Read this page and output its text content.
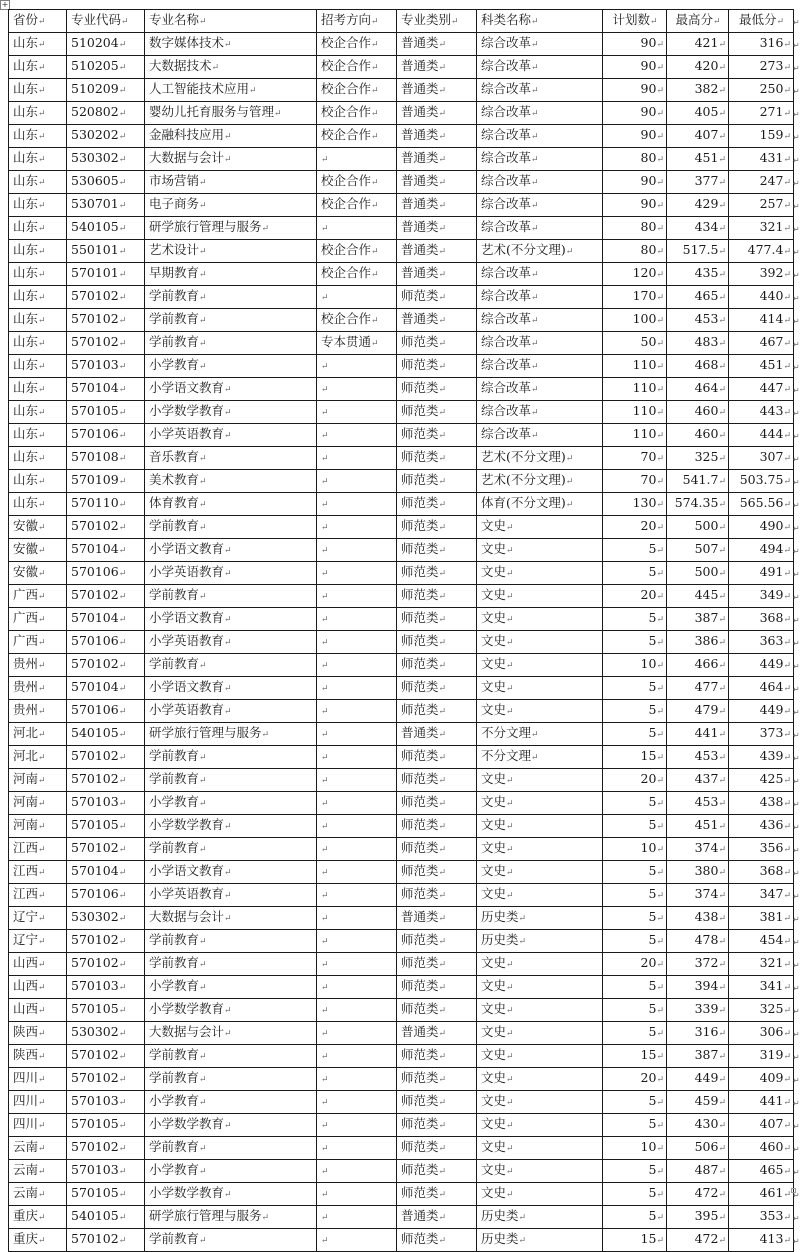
+
省份↵	专业代码↵	专业名称↵	招考方向↵	专业类别↵	科类名称↵	计划数↵	最高分↵	最低分↵
山东↵	510204↵	数字媒体技术↵	校企合作↵	普通类↵	综合改革↵	90↵	421↵	316↵
山东↵	510205↵	大数据技术↵	校企合作↵	普通类↵	综合改革↵	90↵	420↵	273↵
山东↵	510209↵	人工智能技术应用↵	校企合作↵	普通类↵	综合改革↵	90↵	382↵	250↵
山东↵	520802↵	婴幼儿托育服务与管理↵	校企合作↵	普通类↵	综合改革↵	90↵	405↵	271↵
山东↵	530202↵	金融科技应用↵	校企合作↵	普通类↵	综合改革↵	90↵	407↵	159↵
山东↵	530302↵	大数据与会计↵	↵	普通类↵	综合改革↵	80↵	451↵	431↵
山东↵	530605↵	市场营销↵	校企合作↵	普通类↵	综合改革↵	90↵	377↵	247↵
山东↵	530701↵	电子商务↵	校企合作↵	普通类↵	综合改革↵	90↵	429↵	257↵
山东↵	540105↵	研学旅行管理与服务↵	↵	普通类↵	综合改革↵	80↵	434↵	321↵
山东↵	550101↵	艺术设计↵	校企合作↵	普通类↵	艺术(不分文理)↵	80↵	517.5↵	477.4↵
山东↵	570101↵	早期教育↵	校企合作↵	普通类↵	综合改革↵	120↵	435↵	392↵
山东↵	570102↵	学前教育↵	↵	师范类↵	综合改革↵	170↵	465↵	440↵
山东↵	570102↵	学前教育↵	校企合作↵	普通类↵	综合改革↵	100↵	453↵	414↵
山东↵	570102↵	学前教育↵	专本贯通↵	师范类↵	综合改革↵	50↵	483↵	467↵
山东↵	570103↵	小学教育↵	↵	师范类↵	综合改革↵	110↵	468↵	451↵
山东↵	570104↵	小学语文教育↵	↵	师范类↵	综合改革↵	110↵	464↵	447↵
山东↵	570105↵	小学数学教育↵	↵	师范类↵	综合改革↵	110↵	460↵	443↵
山东↵	570106↵	小学英语教育↵	↵	师范类↵	综合改革↵	110↵	460↵	444↵
山东↵	570108↵	音乐教育↵	↵	师范类↵	艺术(不分文理)↵	70↵	325↵	307↵
山东↵	570109↵	美术教育↵	↵	师范类↵	艺术(不分文理)↵	70↵	541.7↵	503.75↵
山东↵	570110↵	体育教育↵	↵	师范类↵	体育(不分文理)↵	130↵	574.35↵	565.56↵
安徽↵	570102↵	学前教育↵	↵	师范类↵	文史↵	20↵	500↵	490↵
安徽↵	570104↵	小学语文教育↵	↵	师范类↵	文史↵	5↵	507↵	494↵
安徽↵	570106↵	小学英语教育↵	↵	师范类↵	文史↵	5↵	500↵	491↵
广西↵	570102↵	学前教育↵	↵	师范类↵	文史↵	20↵	445↵	349↵
广西↵	570104↵	小学语文教育↵	↵	师范类↵	文史↵	5↵	387↵	368↵
广西↵	570106↵	小学英语教育↵	↵	师范类↵	文史↵	5↵	386↵	363↵
贵州↵	570102↵	学前教育↵	↵	师范类↵	文史↵	10↵	466↵	449↵
贵州↵	570104↵	小学语文教育↵	↵	师范类↵	文史↵	5↵	477↵	464↵
贵州↵	570106↵	小学英语教育↵	↵	师范类↵	文史↵	5↵	479↵	449↵
河北↵	540105↵	研学旅行管理与服务↵	↵	普通类↵	不分文理↵	5↵	441↵	373↵
河北↵	570102↵	学前教育↵	↵	师范类↵	不分文理↵	15↵	453↵	439↵
河南↵	570102↵	学前教育↵	↵	师范类↵	文史↵	20↵	437↵	425↵
河南↵	570103↵	小学教育↵	↵	师范类↵	文史↵	5↵	453↵	438↵
河南↵	570105↵	小学数学教育↵	↵	师范类↵	文史↵	5↵	451↵	436↵
江西↵	570102↵	学前教育↵	↵	师范类↵	文史↵	10↵	374↵	356↵
江西↵	570104↵	小学语文教育↵	↵	师范类↵	文史↵	5↵	380↵	368↵
江西↵	570106↵	小学英语教育↵	↵	师范类↵	文史↵	5↵	374↵	347↵
辽宁↵	530302↵	大数据与会计↵	↵	普通类↵	历史类↵	5↵	438↵	381↵
辽宁↵	570102↵	学前教育↵	↵	师范类↵	历史类↵	5↵	478↵	454↵
山西↵	570102↵	学前教育↵	↵	师范类↵	文史↵	20↵	372↵	321↵
山西↵	570103↵	小学教育↵	↵	师范类↵	文史↵	5↵	394↵	341↵
山西↵	570105↵	小学数学教育↵	↵	师范类↵	文史↵	5↵	339↵	325↵
陕西↵	530302↵	大数据与会计↵	↵	普通类↵	文史↵	5↵	316↵	306↵
陕西↵	570102↵	学前教育↵	↵	师范类↵	文史↵	15↵	387↵	319↵
四川↵	570102↵	学前教育↵	↵	师范类↵	文史↵	20↵	449↵	409↵
四川↵	570103↵	小学教育↵	↵	师范类↵	文史↵	5↵	459↵	441↵
四川↵	570105↵	小学数学教育↵	↵	师范类↵	文史↵	5↵	430↵	407↵
云南↵	570102↵	学前教育↵	↵	师范类↵	文史↵	10↵	506↵	460↵
云南↵	570103↵	小学教育↵	↵	师范类↵	文史↵	5↵	487↵	465↵
云南↵	570105↵	小学数学教育↵	↵	师范类↵	文史↵	5↵	472↵	461↵
重庆↵	540105↵	研学旅行管理与服务↵	↵	普通类↵	历史类↵	5↵	395↵	353↵
重庆↵	570102↵	学前教育↵	↵	师范类↵	历史类↵	15↵	472↵	413↵
↵
↵
↵
↵
↵
↵
↵
↵
↵
↵
↵
↵
↵
↵
↵
↵
↵
↵
↵
↵
↵
↵
↵
↵
↵
↵
↵
↵
↵
↵
↵
↵
↵
↵
↵
↵
↵
↵
↵
↵
↵
↵
↵
↵
↵
↵
↵
↵
↵
↵
↵
↵
↵
↵
